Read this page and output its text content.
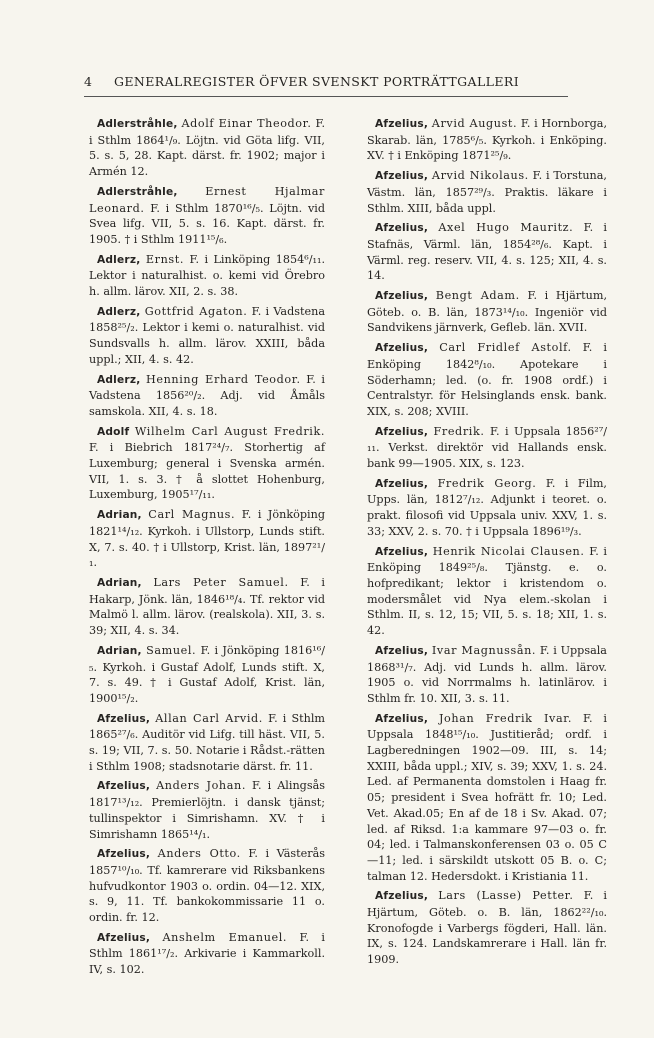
4 GENERALREGISTER ÖFVER SVENSKT PORTRÄTTGALLERI

Adlerstråhle, Adolf Einar Theodor. F. i Sthlm 1864¹/₉. Löjtn. vid Göta lifg. VII, 5. s. 5, 28. Kapt. därst. fr. 1902; major i Armén 12.

Adlerstråhle, Ernest Hjalmar Leonard. F. i Sthlm 1870¹⁶/₅. Löjtn. vid Svea lifg. VII, 5. s. 16. Kapt. därst. fr. 1905. † i Sthlm 1911¹⁵/₆.

Adlerz, Ernst. F. i Linköping 1854⁶/₁₁. Lektor i naturalhist. o. kemi vid Örebro h. allm. lärov. XII, 2. s. 38.

Adlerz, Gottfrid Agaton. F. i Vadstena 1858²⁵/₂. Lektor i kemi o. naturalhist. vid Sundsvalls h. allm. lärov. XXIII, båda uppl.; XII, 4. s. 42.

Adlerz, Henning Erhard Teodor. F. i Vadstena 1856²⁰/₂. Adj. vid Åmåls samskola. XII, 4. s. 18.

Adolf Wilhelm Carl August Fredrik. F. i Biebrich 1817²⁴/₇. Storhertig af Luxemburg; general i Svenska armén. VII, 1. s. 3. † å slottet Hohenburg, Luxemburg, 1905¹⁷/₁₁.

Adrian, Carl Magnus. F. i Jönköping 1821¹⁴/₁₂. Kyrkoh. i Ullstorp, Lunds stift. X, 7. s. 40. † i Ullstorp, Krist. län, 1897²¹/₁.

Adrian, Lars Peter Samuel. F. i Hakarp, Jönk. län, 1846¹⁸/₄. Tf. rektor vid Malmö l. allm. lärov. (realskola). XII, 3. s. 39; XII, 4. s. 34.

Adrian, Samuel. F. i Jönköping 1816¹⁶/₅. Kyrkoh. i Gustaf Adolf, Lunds stift. X, 7. s. 49. † i Gustaf Adolf, Krist. län, 1900¹⁵/₂.

Afzelius, Allan Carl Arvid. F. i Sthlm 1865²⁷/₆. Auditör vid Lifg. till häst. VII, 5. s. 19; VII, 7. s. 50. Notarie i Rådst.-rätten i Sthlm 1908; stadsnotarie därst. fr. 11.

Afzelius, Anders Johan. F. i Alingsås 1817¹³/₁₂. Premierlöjtn. i dansk tjänst; tullinspektor i Simrishamn. XV. † i Simrishamn 1865¹⁴/₁.

Afzelius, Anders Otto. F. i Västerås 1857¹⁰/₁₀. Tf. kamrerare vid Riksbankens hufvudkontor 1903 o. ordin. 04—12. XIX, s. 9, 11. Tf. bankokommissarie 11 o. ordin. fr. 12.

Afzelius, Anshelm Emanuel. F. i Sthlm 1861¹⁷/₂. Arkivarie i Kammarkoll. IV, s. 102.

Afzelius, Arvid August. F. i Hornborga, Skarab. län, 1785⁶/₅. Kyrkoh. i Enköping. XV. † i Enköping 1871²⁵/₉.

Afzelius, Arvid Nikolaus. F. i Torstuna, Västm. län, 1857²⁹/₃. Praktis. läkare i Sthlm. XIII, båda uppl.

Afzelius, Axel Hugo Mauritz. F. i Stafnäs, Värml. län, 1854²⁸/₆. Kapt. i Värml. reg. reserv. VII, 4. s. 125; XII, 4. s. 14.

Afzelius, Bengt Adam. F. i Hjärtum, Göteb. o. B. län, 1873¹⁴/₁₀. Ingeniör vid Sandvikens järnverk, Gefleb. län. XVII.

Afzelius, Carl Fridlef Astolf. F. i Enköping 1842⁸/₁₀. Apotekare i Söderhamn; led. (o. fr. 1908 ordf.) i Centralstyr. för Helsinglands ensk. bank. XIX, s. 208; XVIII.

Afzelius, Fredrik. F. i Uppsala 1856²⁷/₁₁. Verkst. direktör vid Hallands ensk. bank 99—1905. XIX, s. 123.

Afzelius, Fredrik Georg. F. i Film, Upps. län, 1812⁷/₁₂. Adjunkt i teoret. o. prakt. filosofi vid Uppsala univ. XXV, 1. s. 33; XXV, 2. s. 70. † i Uppsala 1896¹⁹/₃.

Afzelius, Henrik Nicolai Clausen. F. i Enköping 1849²⁵/₈. Tjänstg. e. o. hofpredikant; lektor i kristendom o. modersmålet vid Nya elem.-skolan i Sthlm. II, s. 12, 15; VII, 5. s. 18; XII, 1. s. 42.

Afzelius, Ivar Magnussån. F. i Uppsala 1868³¹/₇. Adj. vid Lunds h. allm. lärov. 1905 o. vid Norrmalms h. latinlärov. i Sthlm fr. 10. XII, 3. s. 11.

Afzelius, Johan Fredrik Ivar. F. i Uppsala 1848¹⁵/₁₀. Justitieråd; ordf. i Lagberedningen 1902—09. III, s. 14; XXIII, båda uppl.; XIV, s. 39; XXV, 1. s. 24. Led. af Permanenta domstolen i Haag fr. 05; president i Svea hofrätt fr. 10; Led. Vet. Akad.05; En af de 18 i Sv. Akad. 07; led. af Riksd. 1:a kammare 97—03 o. fr. 04; led. i Talmanskonferensen 03 o. 05 C—11; led. i särskildt utskott 05 B. o. C; talman 12. Hedersdokt. i Kristiania 11.

Afzelius, Lars (Lasse) Petter. F. i Hjärtum, Göteb. o. B. län, 1862²²/₁₀. Kronofogde i Varbergs fögderi, Hall. län. IX, s. 124. Landskamrerare i Hall. län fr. 1909.
